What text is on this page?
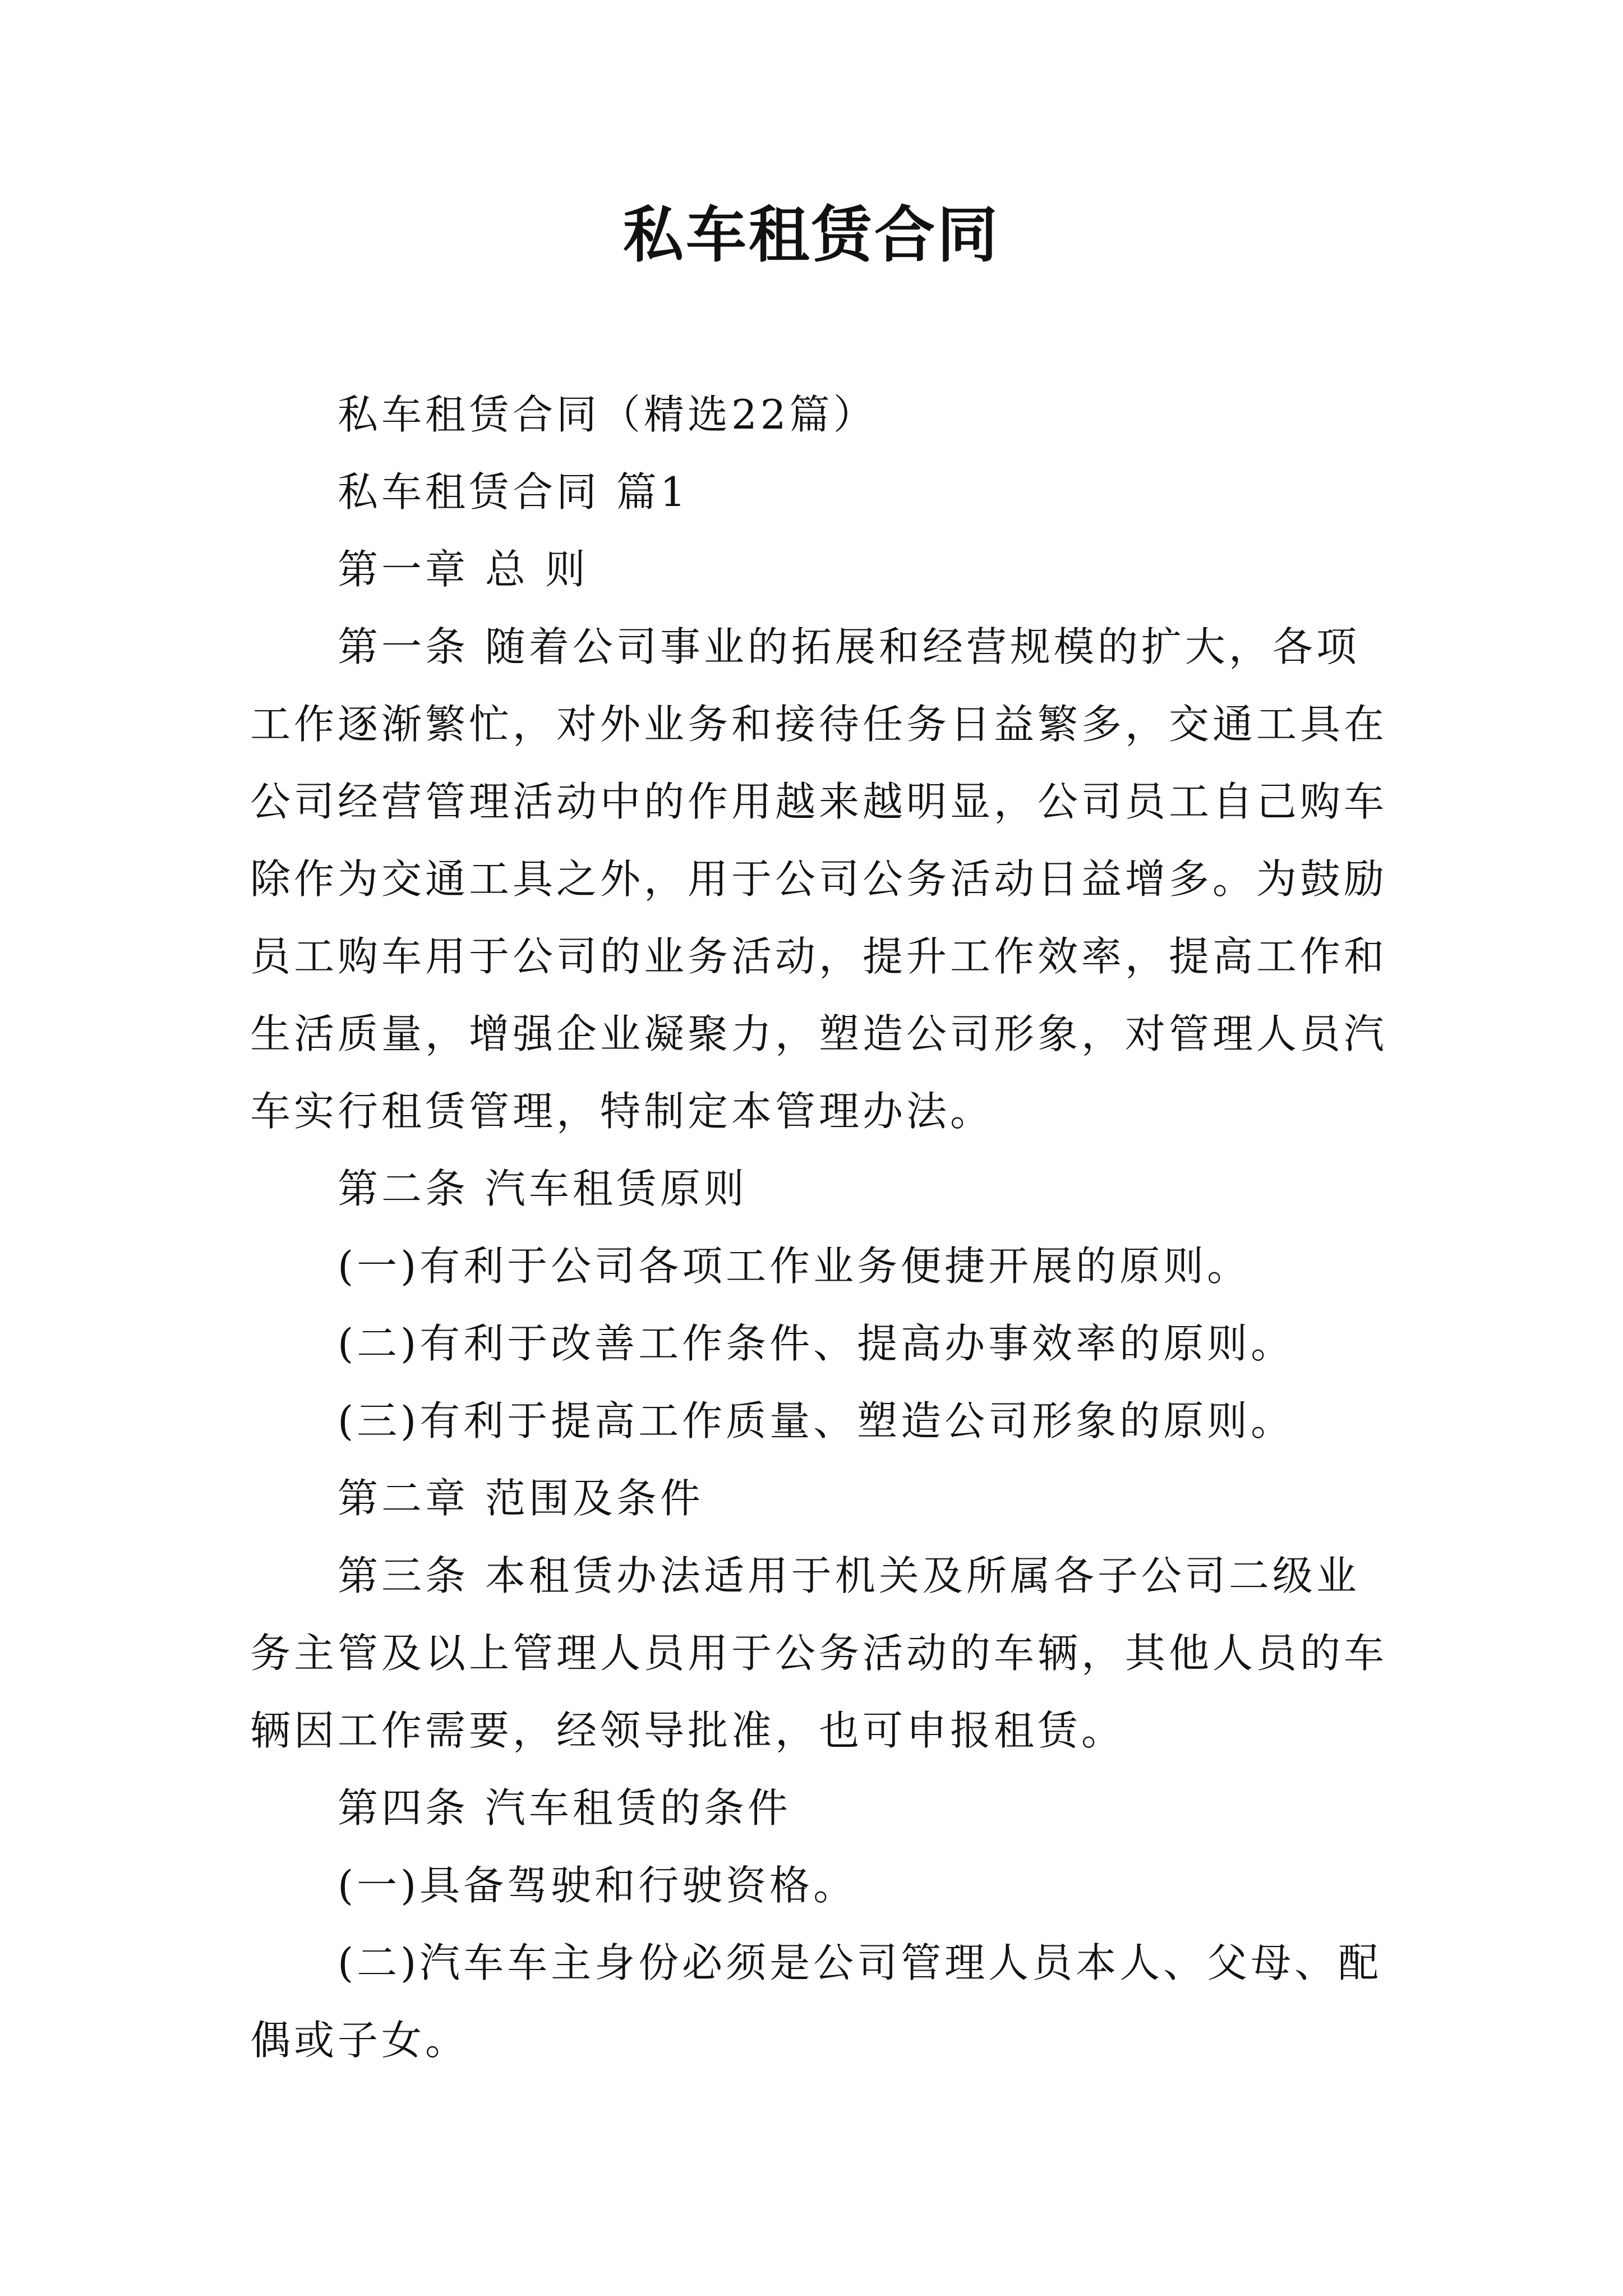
私车租赁合同

私车租赁合同（精选22篇）

私车租赁合同 篇1

第一章 总 则

第一条 随着公司事业的拓展和经营规模的扩大，各项工作逐渐繁忙，对外业务和接待任务日益繁多，交通工具在公司经营管理活动中的作用越来越明显，公司员工自己购车除作为交通工具之外，用于公司公务活动日益增多。为鼓励员工购车用于公司的业务活动，提升工作效率，提高工作和生活质量，增强企业凝聚力，塑造公司形象，对管理人员汽车实行租赁管理，特制定本管理办法。

第二条 汽车租赁原则

(一)有利于公司各项工作业务便捷开展的原则。

(二)有利于改善工作条件、提高办事效率的原则。

(三)有利于提高工作质量、塑造公司形象的原则。

第二章 范围及条件

第三条 本租赁办法适用于机关及所属各子公司二级业务主管及以上管理人员用于公务活动的车辆，其他人员的车辆因工作需要，经领导批准，也可申报租赁。

第四条 汽车租赁的条件

(一)具备驾驶和行驶资格。

(二)汽车车主身份必须是公司管理人员本人、父母、配偶或子女。
